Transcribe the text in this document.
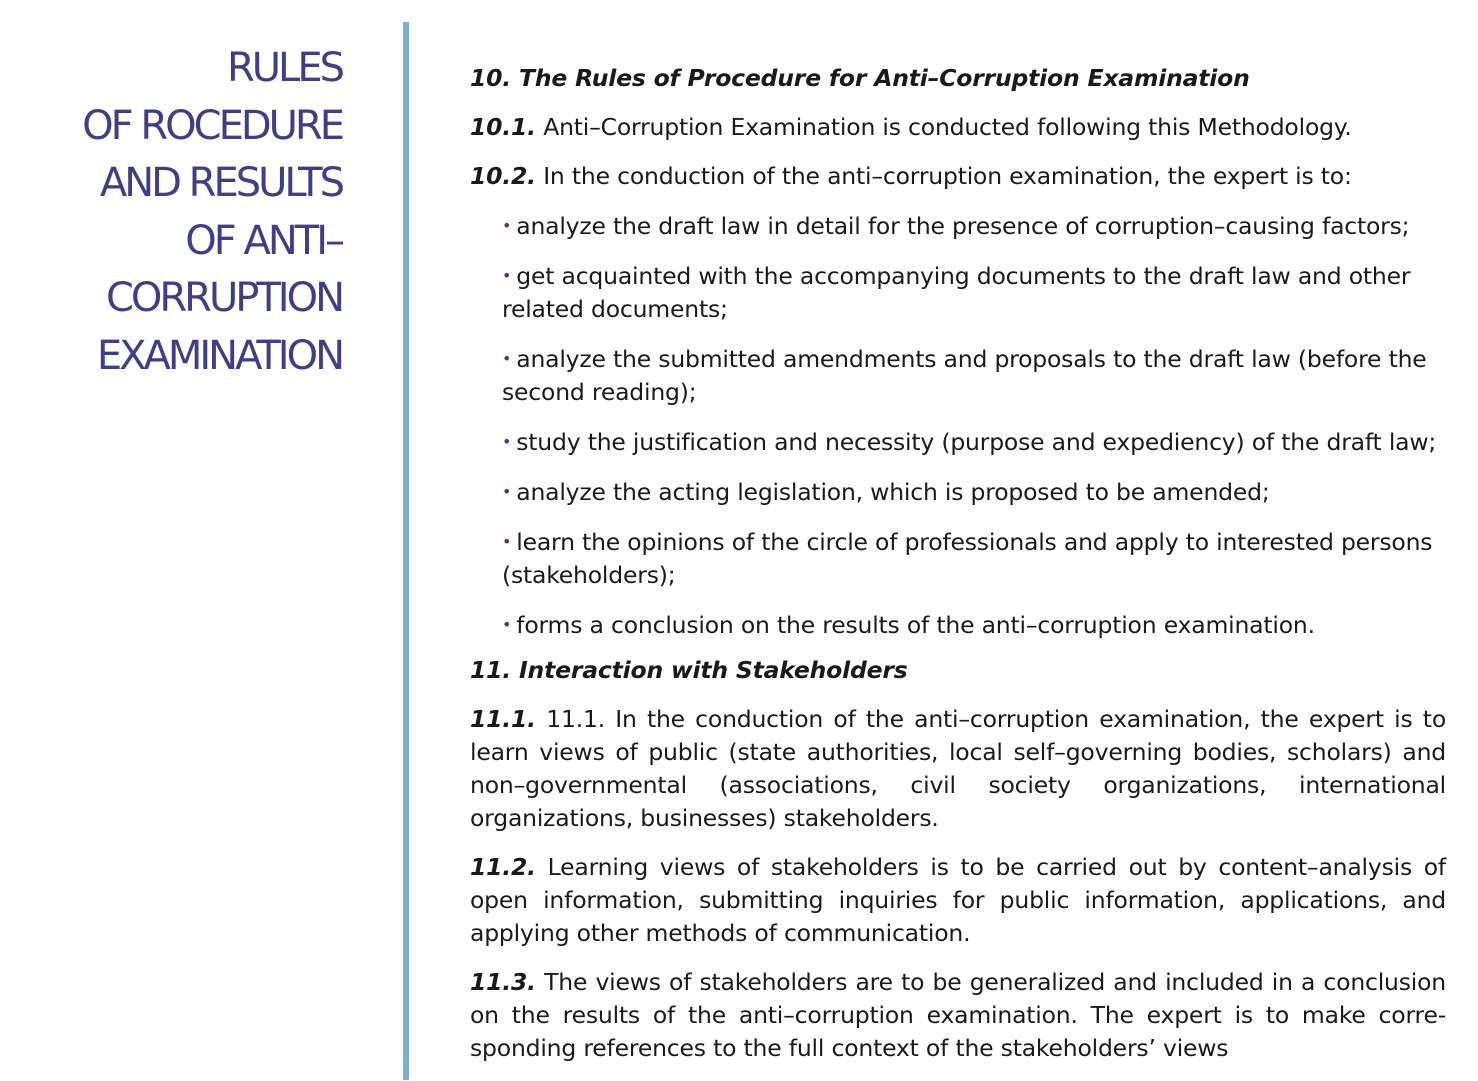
RULES
OF ROCEDURE
AND RESULTS
OF ANTI–
CORRUPTION
EXAMINATION
10. The Rules of Procedure for Anti–Corruption Examination
10.1. Anti–Corruption Examination is conducted following this Methodology.
10.2. In the conduction of the anti–corruption examination, the expert is to:
• analyze the draft law in detail for the presence of corruption–causing factors;
• get acquainted with the accompanying documents to the draft law and other related documents;
• analyze the submitted amendments and proposals to the draft law (before the second reading);
• study the justification and necessity (purpose and expediency) of the draft law;
• analyze the acting legislation, which is proposed to be amended;
• learn the opinions of the circle of professionals and apply to interested persons (stakeholders);
• forms a conclusion on the results of the anti–corruption examination.
11. Interaction with Stakeholders
11.1. 11.1. In the conduction of the anti–corruption examination, the expert is to learn views of public (state authorities, local self–governing bodies, scholars) and non–governmental (associations, civil society organizations, international organizations, businesses) stakeholders.
11.2. Learning views of stakeholders is to be carried out by content–analysis of open information, submitting inquiries for public information, applications, and applying other methods of communication.
11.3. The views of stakeholders are to be generalized and included in a conclusion on the results of the anti–corruption examination. The expert is to make corre-sponding references to the full context of the stakeholders’ views
